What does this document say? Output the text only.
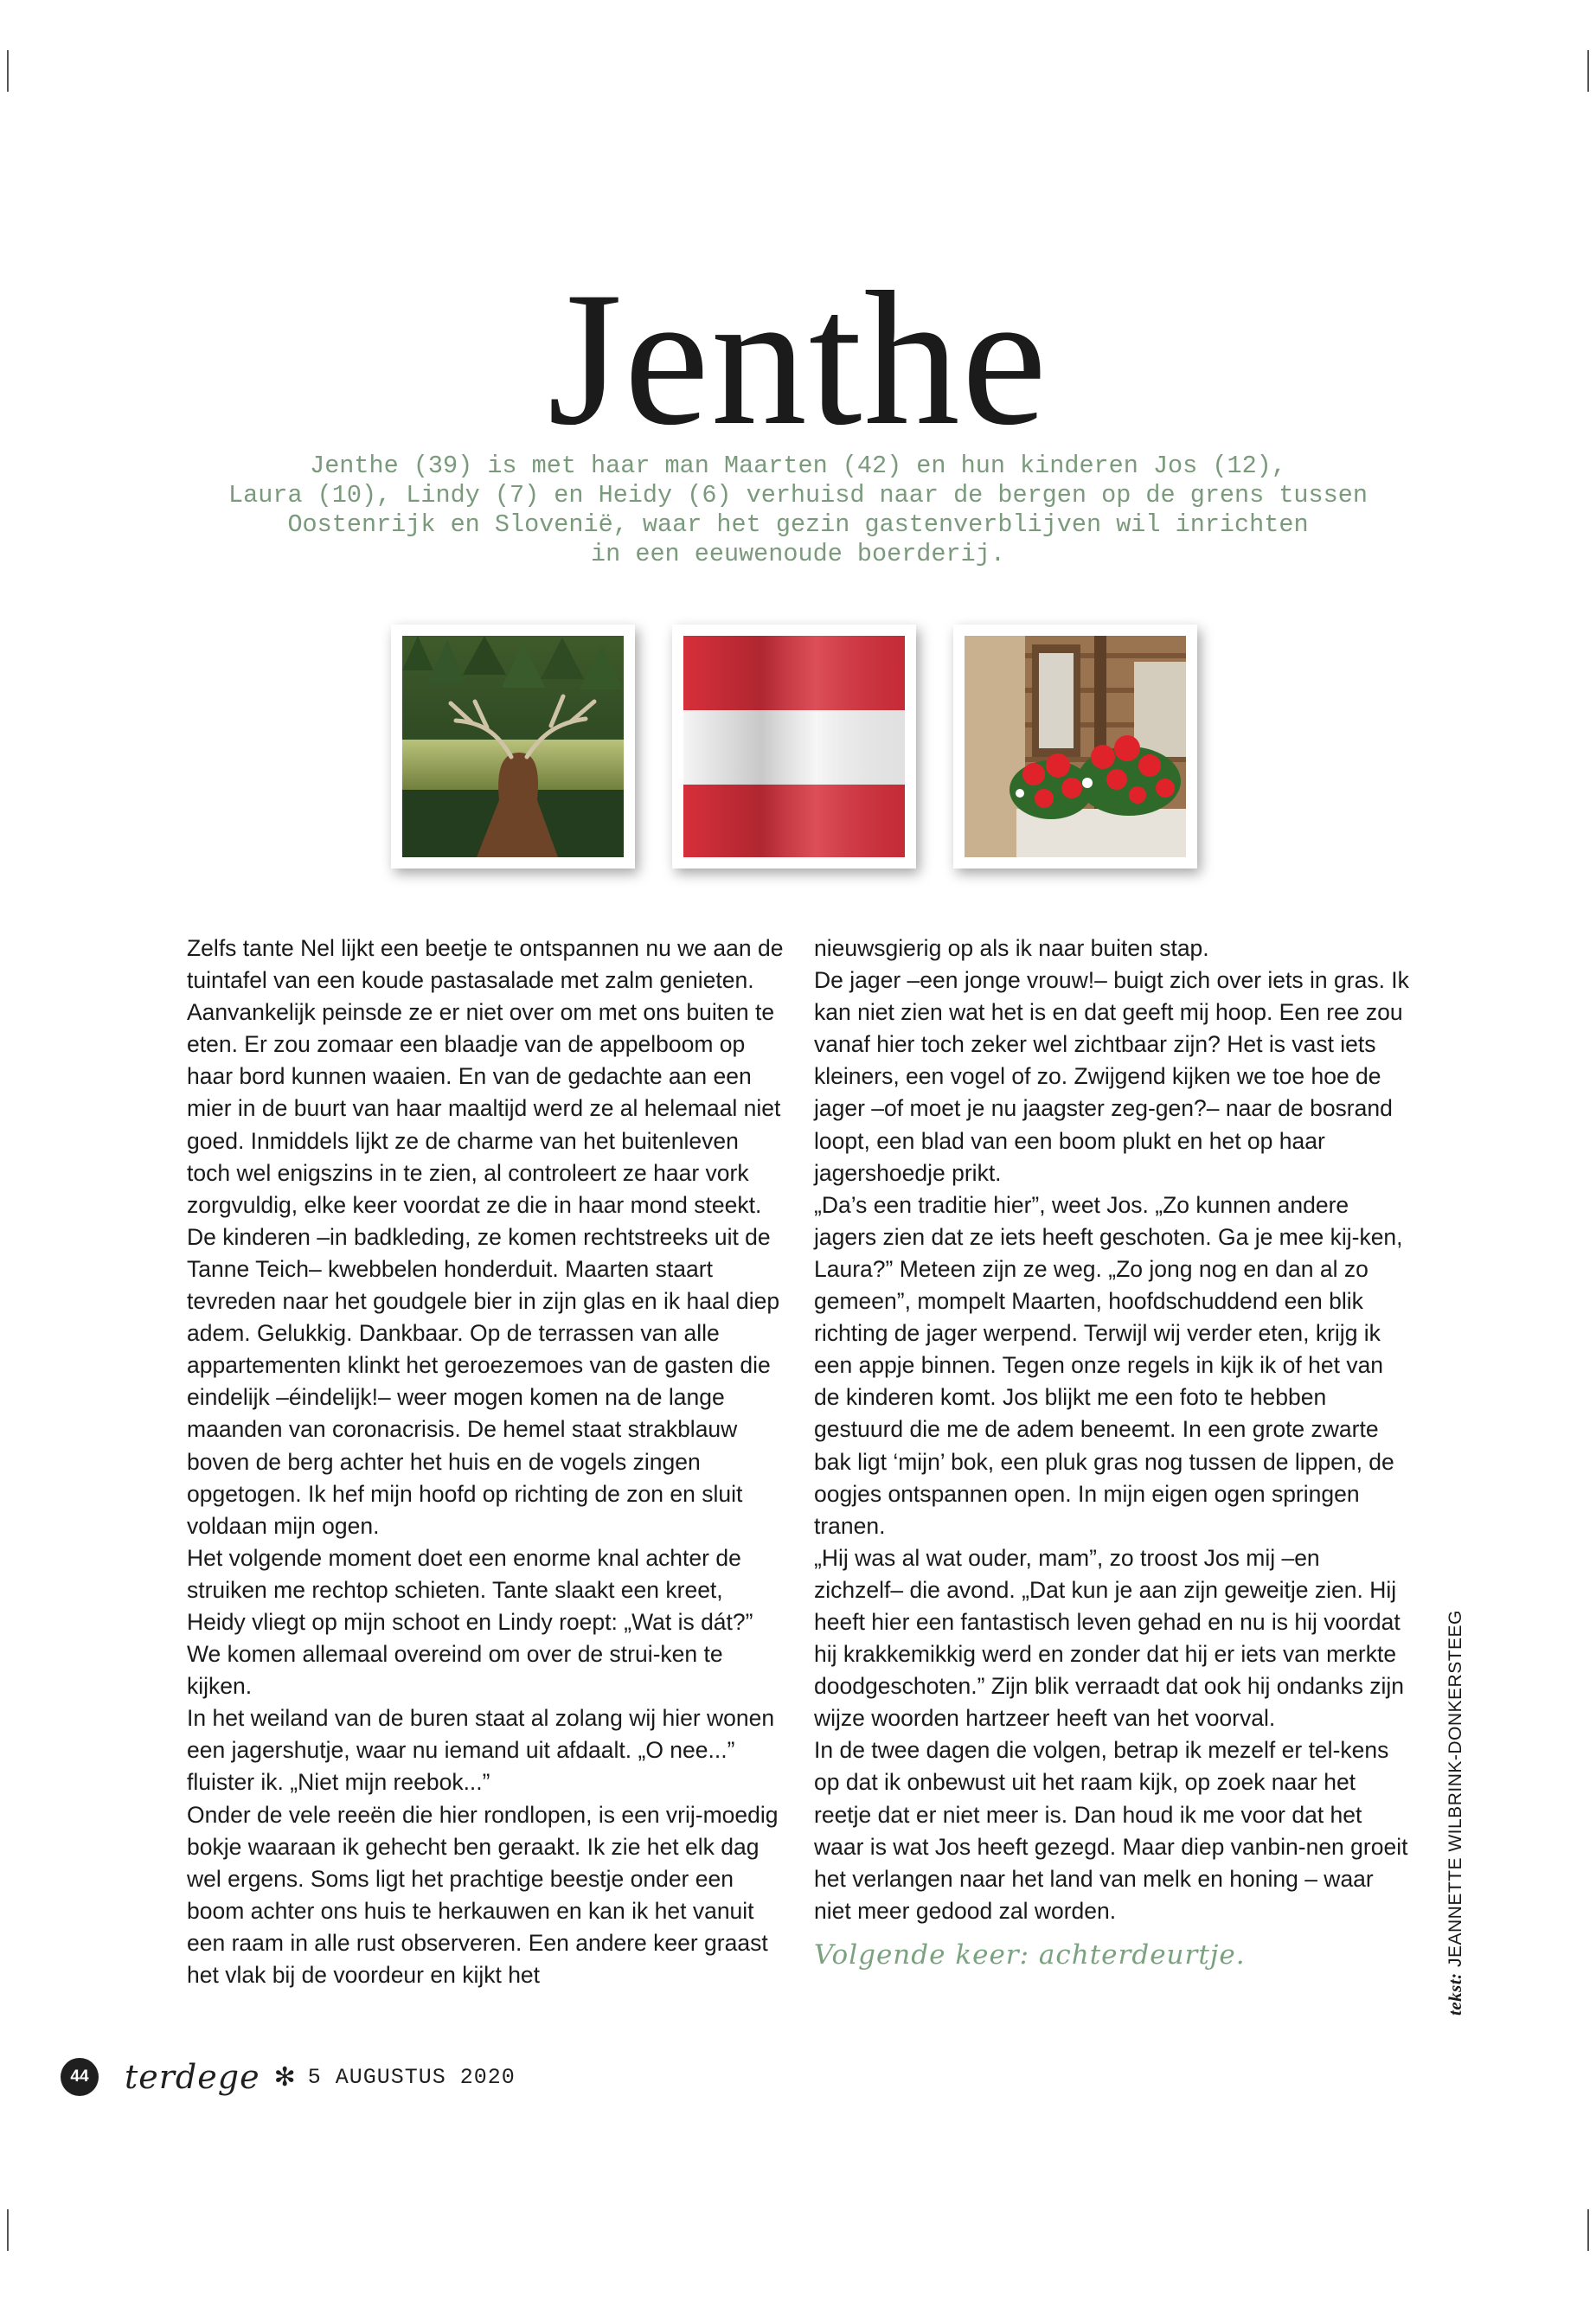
Jenthe

Jenthe (39) is met haar man Maarten (42) en hun kinderen Jos (12),
Laura (10), Lindy (7) en Heidy (6) verhuisd naar de bergen op de grens tussen
Oostenrijk en Slovenië, waar het gezin gastenverblijven wil inrichten
in een eeuwenoude boerderij.

Zelfs tante Nel lijkt een beetje te ontspannen nu we aan de tuintafel van een koude pastasalade met zalm genieten. Aanvankelijk peinsde ze er niet over om met ons buiten te eten. Er zou zomaar een blaadje van de appelboom op haar bord kunnen waaien. En van de gedachte aan een mier in de buurt van haar maaltijd werd ze al helemaal niet goed. Inmiddels lijkt ze de charme van het buitenleven toch wel enigszins in te zien, al controleert ze haar vork zorgvuldig, elke keer voordat ze die in haar mond steekt.

De kinderen –in badkleding, ze komen rechtstreeks uit de Tanne Teich– kwebbelen honderduit. Maarten staart tevreden naar het goudgele bier in zijn glas en ik haal diep adem. Gelukkig. Dankbaar. Op de terrassen van alle appartementen klinkt het geroezemoes van de gasten die eindelijk –éindelijk!– weer mogen komen na de lange maanden van coronacrisis. De hemel staat strakblauw boven de berg achter het huis en de vogels zingen opgetogen. Ik hef mijn hoofd op richting de zon en sluit voldaan mijn ogen.

Het volgende moment doet een enorme knal achter de struiken me rechtop schieten. Tante slaakt een kreet, Heidy vliegt op mijn schoot en Lindy roept: „Wat is dát?” We komen allemaal overeind om over de strui-ken te kijken.

In het weiland van de buren staat al zolang wij hier wonen een jagershutje, waar nu iemand uit afdaalt. „O nee...” fluister ik. „Niet mijn reebok...”

Onder de vele reeën die hier rondlopen, is een vrij-moedig bokje waaraan ik gehecht ben geraakt. Ik zie het elk dag wel ergens. Soms ligt het prachtige beestje onder een boom achter ons huis te herkauwen en kan ik het vanuit een raam in alle rust observeren. Een andere keer graast het vlak bij de voordeur en kijkt het

nieuwsgierig op als ik naar buiten stap.

De jager –een jonge vrouw!– buigt zich over iets in gras. Ik kan niet zien wat het is en dat geeft mij hoop. Een ree zou vanaf hier toch zeker wel zichtbaar zijn? Het is vast iets kleiners, een vogel of zo. Zwijgend kijken we toe hoe de jager –of moet je nu jaagster zeg-gen?– naar de bosrand loopt, een blad van een boom plukt en het op haar jagershoedje prikt.

„Da’s een traditie hier”, weet Jos. „Zo kunnen andere jagers zien dat ze iets heeft geschoten. Ga je mee kij-ken, Laura?” Meteen zijn ze weg. „Zo jong nog en dan al zo gemeen”, mompelt Maarten, hoofdschuddend een blik richting de jager werpend. Terwijl wij verder eten, krijg ik een appje binnen. Tegen onze regels in kijk ik of het van de kinderen komt. Jos blijkt me een foto te hebben gestuurd die me de adem beneemt. In een grote zwarte bak ligt ‘mijn’ bok, een pluk gras nog tussen de lippen, de oogjes ontspannen open. In mijn eigen ogen springen tranen.

„Hij was al wat ouder, mam”, zo troost Jos mij –en zichzelf– die avond. „Dat kun je aan zijn geweitje zien. Hij heeft hier een fantastisch leven gehad en nu is hij voordat hij krakkemikkig werd en zonder dat hij er iets van merkte doodgeschoten.” Zijn blik verraadt dat ook hij ondanks zijn wijze woorden hartzeer heeft van het voorval.

In de twee dagen die volgen, betrap ik mezelf er tel-kens op dat ik onbewust uit het raam kijk, op zoek naar het reetje dat er niet meer is. Dan houd ik me voor dat het waar is wat Jos heeft gezegd. Maar diep vanbin-nen groeit het verlangen naar het land van melk en honing – waar niet meer gedood zal worden.

Volgende keer: achterdeurtje.

tekst: JEANNETTE WILBRINK-DONKERSTEEG
44	terdege ✻ 5 AUGUSTUS 2020
